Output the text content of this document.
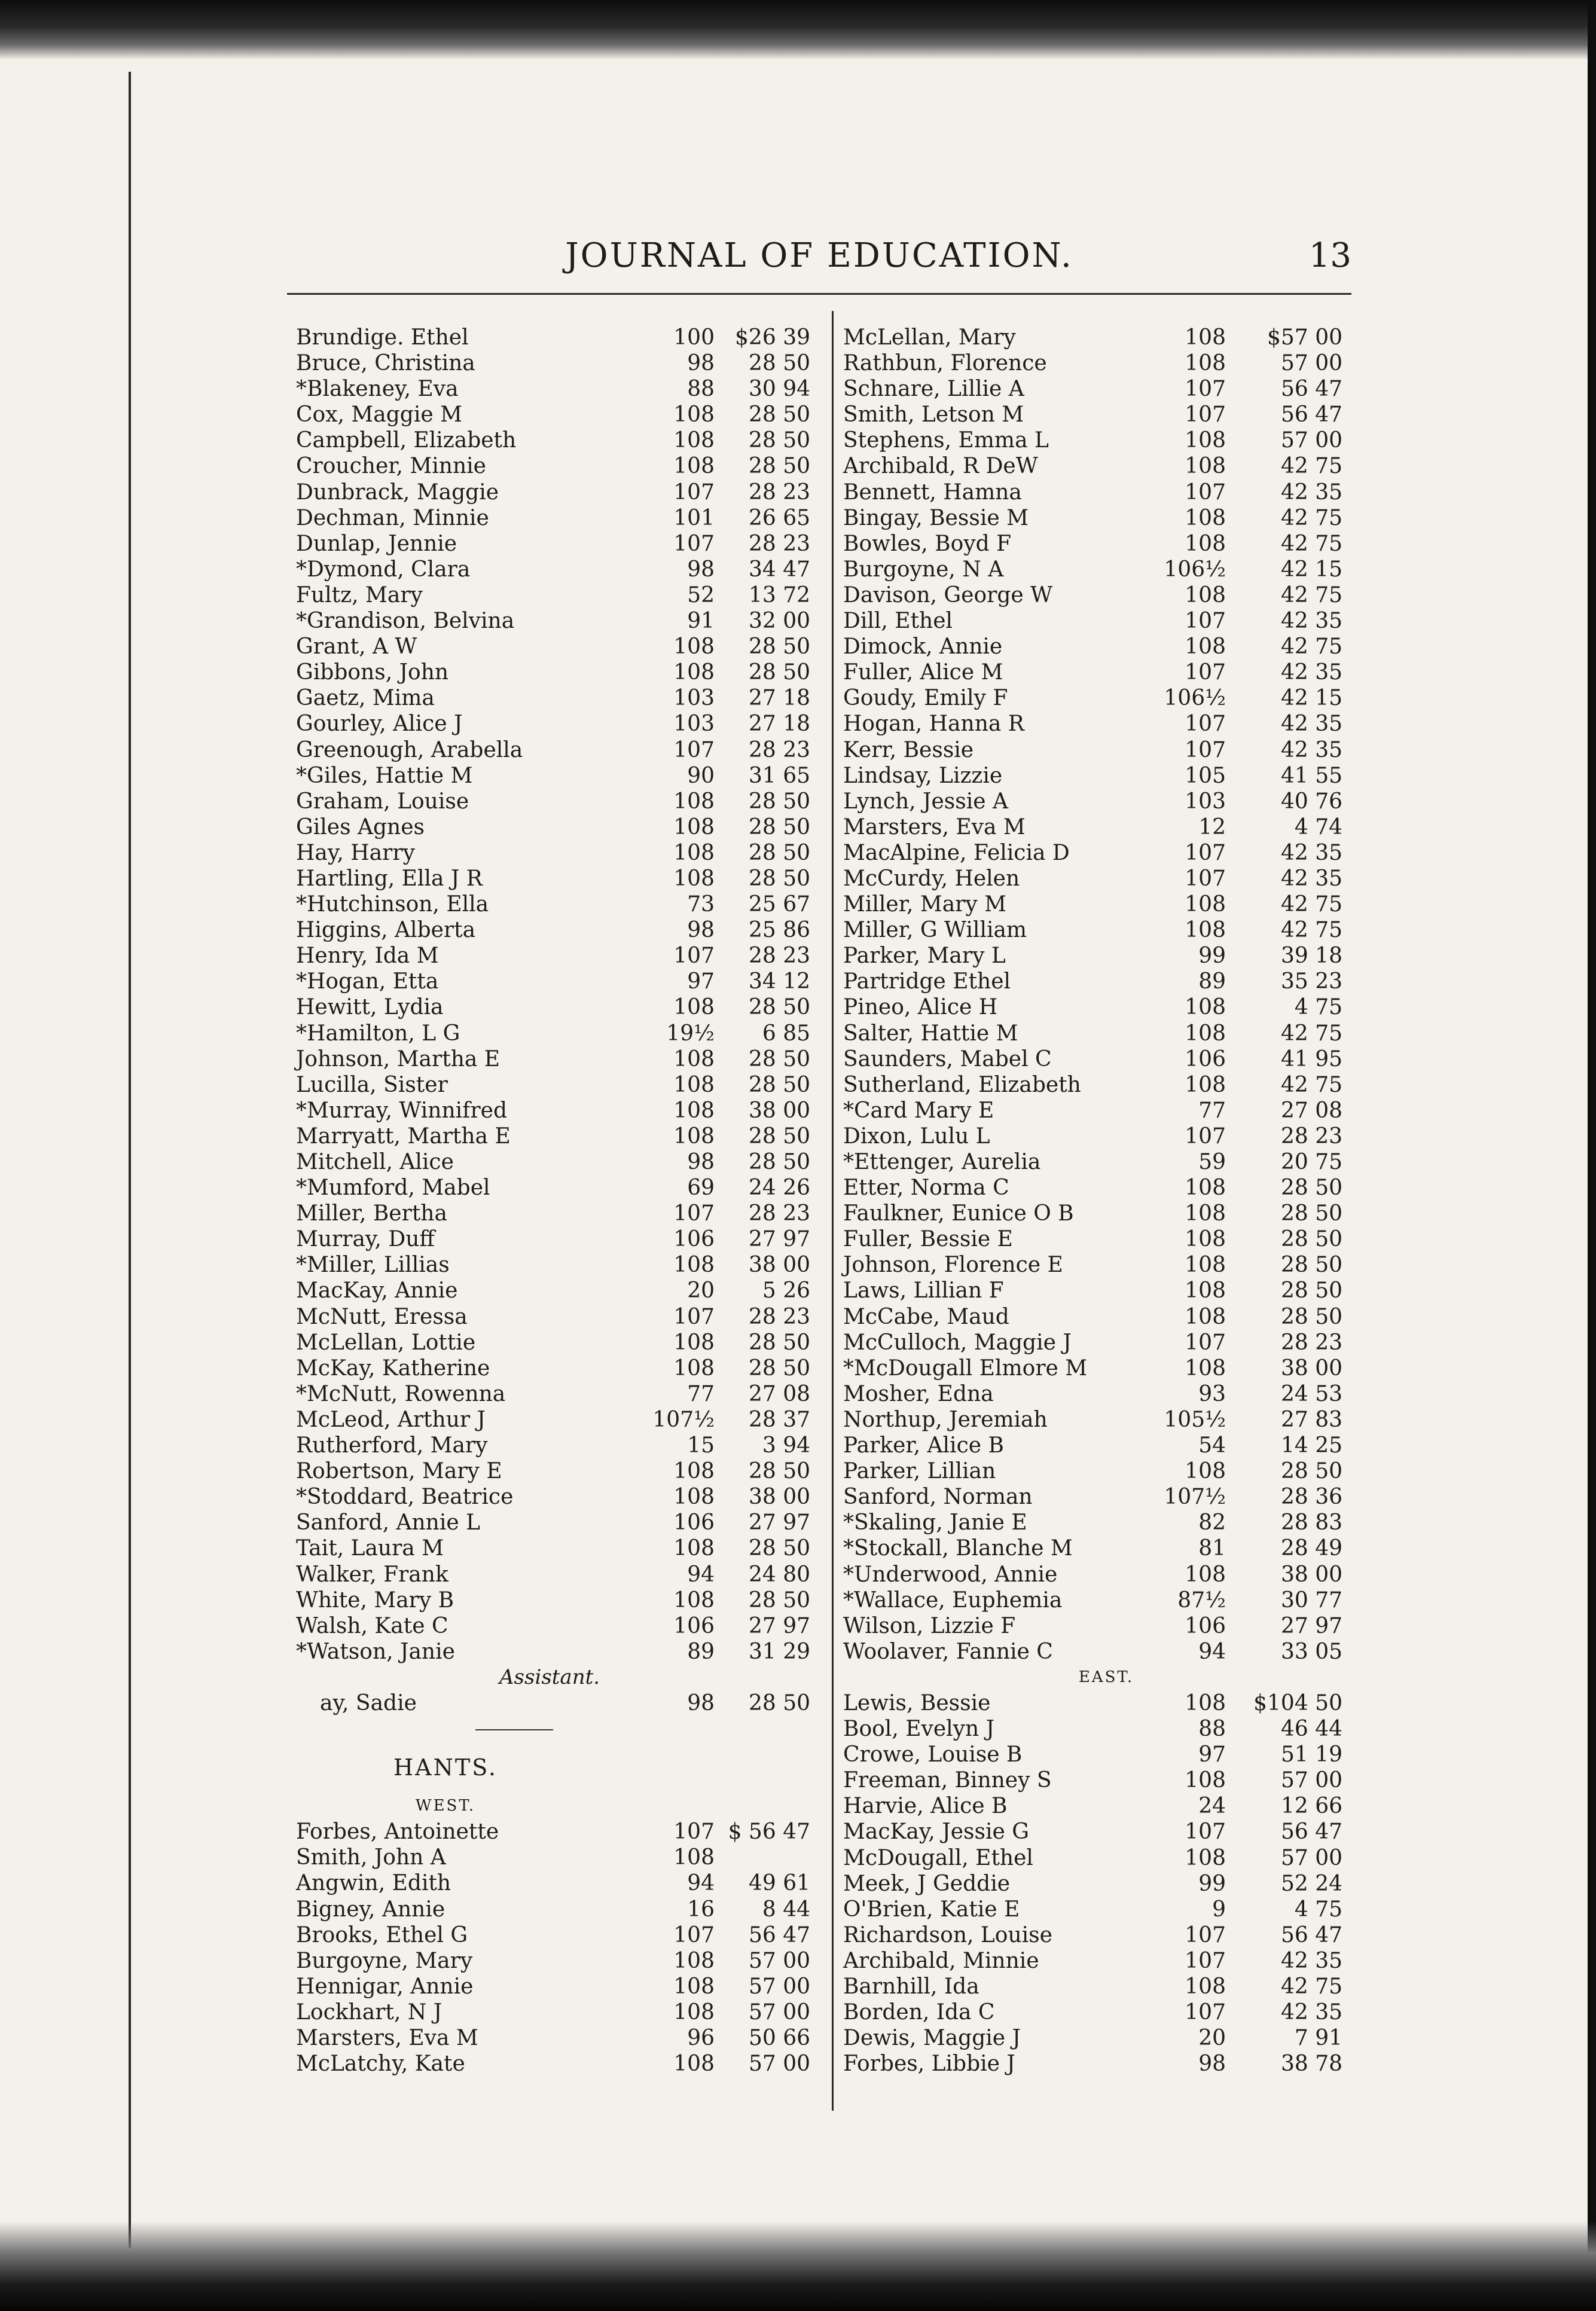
JOURNAL OF EDUCATION.	13
Brundige. Ethel	100 $26 39
Bruce, Christina	98	28 50
*Blakeney, Eva	88	30 94
Cox, Maggie M	108	28 50
Campbell, Elizabeth	108	28 50
Croucher, Minnie	108	28 50
Dunbrack, Maggie	107	28 23
Dechman, Minnie	101	26 65
Dunlap, Jennie	107	28 23
*Dymond, Clara	98	34 47
Fultz, Mary	52	13 72
*Grandison, Belvina	91	32 00
Grant, A W	108	28 50
Gibbons, John	108	28 50
Gaetz, Mima	103	27 18
Gourley, Alice J	103	27 18
Greenough, Arabella	107	28 23
*Giles, Hattie M	90	31 65
Graham, Louise	108	28 50
Giles Agnes	108	28 50
Hay, Harry	108	28 50
Hartling, Ella J R	108	28 50
*Hutchinson, Ella	73	25 67
Higgins, Alberta	98	25 86
Henry, Ida M	107	28 23
*Hogan, Etta	97	34 12
Hewitt, Lydia	108	28 50
*Hamilton, L G	19½	6 85
Johnson, Martha E	108	28 50
Lucilla, Sister	108	28 50
*Murray, Winnifred	108	38 00
Marryatt, Martha E	108	28 50
Mitchell, Alice	98	28 50
*Mumford, Mabel	69	24 26
Miller, Bertha	107	28 23
Murray, Duff	106	27 97
*Miller, Lillias	108	38 00
MacKay, Annie	20	5 26
McNutt, Eressa	107	28 23
McLellan, Lottie	108	28 50
McKay, Katherine	108	28 50
*McNutt, Rowenna	77	27 08
McLeod, Arthur J	107½	28 37
Rutherford, Mary	15	3 94
Robertson, Mary E	108	28 50
*Stoddard, Beatrice	108	38 00
Sanford, Annie L	106	27 97
Tait, Laura M	108	28 50
Walker, Frank	94	24 80
White, Mary B	108	28 50
Walsh, Kate C	106	27 97
*Watson, Janie	89	31 29
Assistant.
ay, Sadie	98	28 50
HANTS.
WEST.
Forbes, Antoinette	107 $ 56 47
Smith, John A	108
Angwin, Edith	94	49 61
Bigney, Annie	16	8 44
Brooks, Ethel G	107	56 47
Burgoyne, Mary	108	57 00
Hennigar, Annie	108	57 00
Lockhart, N J	108	57 00
Marsters, Eva M	96	50 66
McLatchy, Kate	108	57 00
McLellan, Mary	108	$57 00
Rathbun, Florence	108	57 00
Schnare, Lillie A	107	56 47
Smith, Letson M	107	56 47
Stephens, Emma L	108	57 00
Archibald, R DeW	108	42 75
Bennett, Hamna	107	42 35
Bingay, Bessie M	108	42 75
Bowles, Boyd F	108	42 75
Burgoyne, N A	106½	42 15
Davison, George W	108	42 75
Dill, Ethel	107	42 35
Dimock, Annie	108	42 75
Fuller, Alice M	107	42 35
Goudy, Emily F	106½	42 15
Hogan, Hanna R	107	42 35
Kerr, Bessie	107	42 35
Lindsay, Lizzie	105	41 55
Lynch, Jessie A	103	40 76
Marsters, Eva M	12	4 74
MacAlpine, Felicia D	107	42 35
McCurdy, Helen	107	42 35
Miller, Mary M	108	42 75
Miller, G William	108	42 75
Parker, Mary L	99	39 18
Partridge Ethel	89	35 23
Pineo, Alice H	108	4 75
Salter, Hattie M	108	42 75
Saunders, Mabel C	106	41 95
Sutherland, Elizabeth	108	42 75
*Card Mary E	77	27 08
Dixon, Lulu L	107	28 23
*Ettenger, Aurelia	59	20 75
Etter, Norma C	108	28 50
Faulkner, Eunice O B	108	28 50
Fuller, Bessie E	108	28 50
Johnson, Florence E	108	28 50
Laws, Lillian F	108	28 50
McCabe, Maud	108	28 50
McCulloch, Maggie J	107	28 23
*McDougall Elmore M	108	38 00
Mosher, Edna	93	24 53
Northup, Jeremiah	105½	27 83
Parker, Alice B	54	14 25
Parker, Lillian	108	28 50
Sanford, Norman	107½	28 36
*Skaling, Janie E	82	28 83
*Stockall, Blanche M	81	28 49
*Underwood, Annie	108	38 00
*Wallace, Euphemia	87½	30 77
Wilson, Lizzie F	106	27 97
Woolaver, Fannie C	94	33 05
EAST.
Lewis, Bessie	108	$104 50
Bool, Evelyn J	88	46 44
Crowe, Louise B	97	51 19
Freeman, Binney S	108	57 00
Harvie, Alice B	24	12 66
MacKay, Jessie G	107	56 47
McDougall, Ethel	108	57 00
Meek, J Geddie	99	52 24
O'Brien, Katie E	9	4 75
Richardson, Louise	107	56 47
Archibald, Minnie	107	42 35
Barnhill, Ida	108	42 75
Borden, Ida C	107	42 35
Dewis, Maggie J	20	7 91
Forbes, Libbie J	98	38 78
